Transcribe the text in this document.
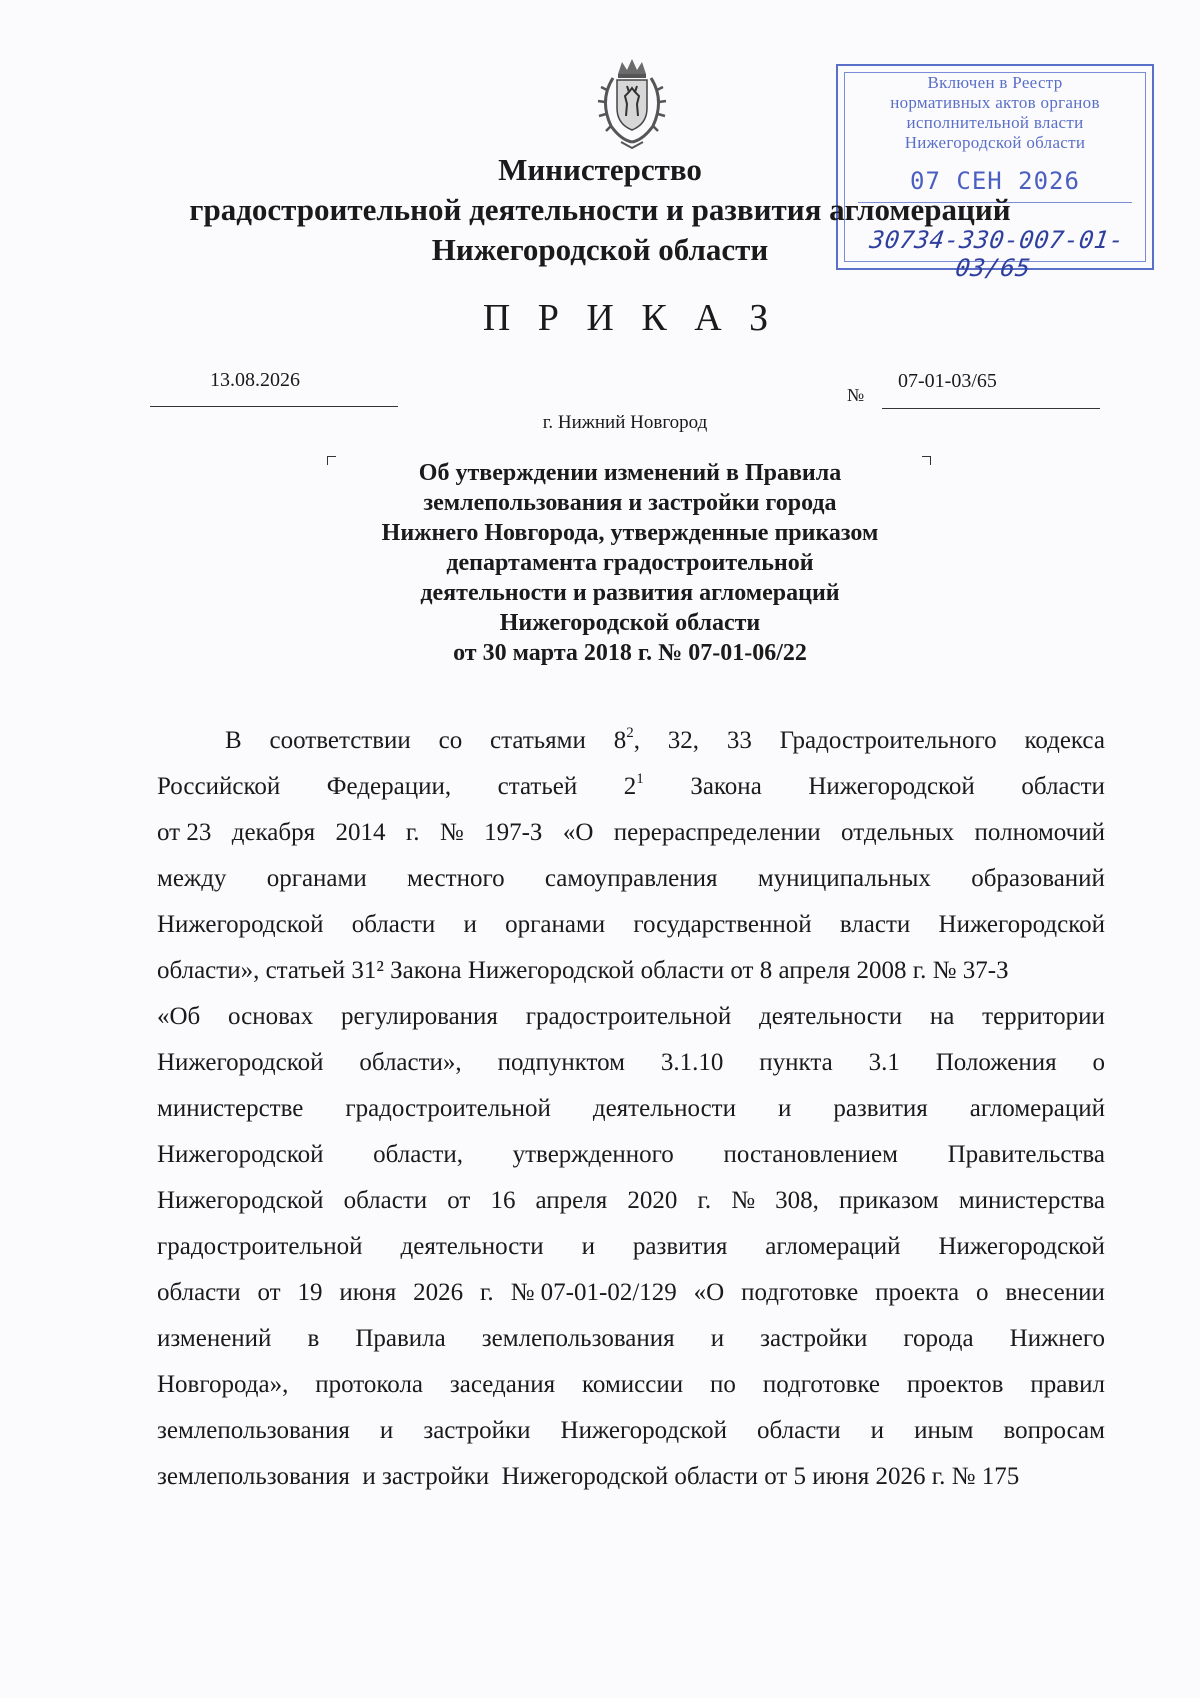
Включен в Реестр
нормативных актов органов
исполнительной власти
Нижегородской области
07 СЕН 2026
30734-330-007-01-03/65
Министерство
градостроительной деятельности и развития агломераций
Нижегородской области
П Р И К А З
13.08.2026
№
07-01-03/65
г. Нижний Новгород
Об утверждении изменений в Правила
землепользования и застройки города
Нижнего Новгорода, утвержденные приказом
департамента градостроительной
деятельности и развития агломераций
Нижегородской области
от 30 марта 2018 г. № 07-01-06/22
В соответствии со статьями $8^2$, 32, 33 Градостроительного кодекса
Российской Федерации, статьей $2^1$ Закона Нижегородской области
от 23 декабря 2014 г. № 197-З «О перераспределении отдельных полномочий
между органами местного самоуправления муниципальных образований
Нижегородской области и органами государственной власти Нижегородской
области», статьей 31² Закона Нижегородской области от 8 апреля 2008 г. № 37-З
«Об основах регулирования градостроительной деятельности на территории
Нижегородской области», подпунктом 3.1.10 пункта 3.1 Положения о
министерстве градостроительной деятельности и развития агломераций
Нижегородской области, утвержденного постановлением Правительства
Нижегородской области от 16 апреля 2020 г. № 308, приказом министерства
градостроительной деятельности и развития агломераций Нижегородской
области от 19 июня 2026 г. № 07-01-02/129 «О подготовке проекта о внесении
изменений в Правила землепользования и застройки города Нижнего
Новгорода», протокола заседания комиссии по подготовке проектов правил
землепользования и застройки Нижегородской области и иным вопросам
землепользования  и застройки  Нижегородской области от 5 июня 2026 г. № 175
